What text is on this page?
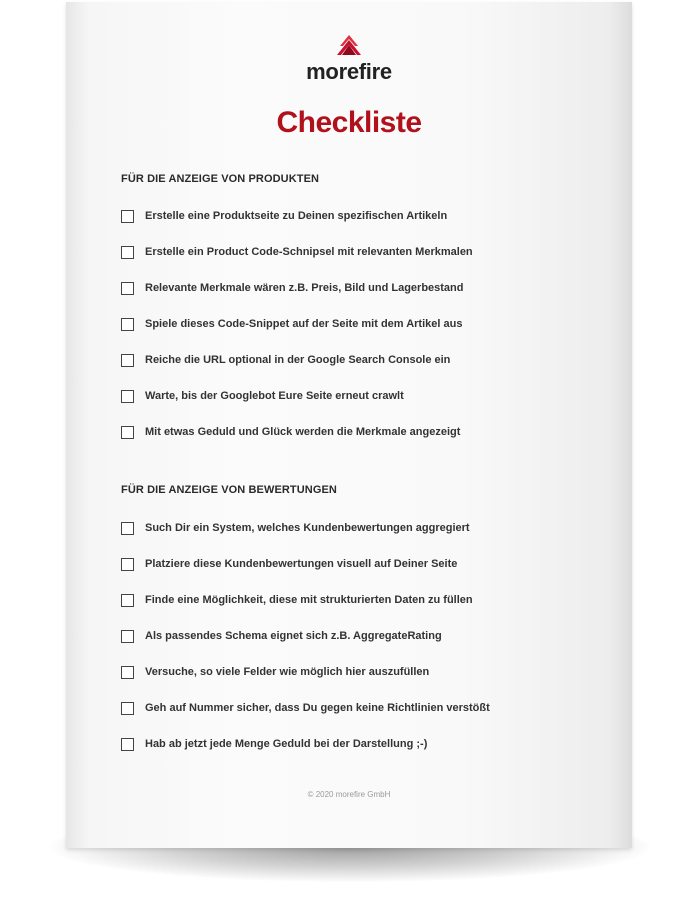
morefire
Checkliste
FÜR DIE ANZEIGE VON PRODUKTEN
Erstelle eine Produktseite zu Deinen spezifischen Artikeln
Erstelle ein Product Code-Schnipsel mit relevanten Merkmalen
Relevante Merkmale wären z.B. Preis, Bild und Lagerbestand
Spiele dieses Code-Snippet auf der Seite mit dem Artikel aus
Reiche die URL optional in der Google Search Console ein
Warte, bis der Googlebot Eure Seite erneut crawlt
Mit etwas Geduld und Glück werden die Merkmale angezeigt
FÜR DIE ANZEIGE VON BEWERTUNGEN
Such Dir ein System, welches Kundenbewertungen aggregiert
Platziere diese Kundenbewertungen visuell auf Deiner Seite
Finde eine Möglichkeit, diese mit strukturierten Daten zu füllen
Als passendes Schema eignet sich z.B. AggregateRating
Versuche, so viele Felder wie möglich hier auszufüllen
Geh auf Nummer sicher, dass Du gegen keine Richtlinien verstößt
Hab ab jetzt jede Menge Geduld bei der Darstellung ;-)
© 2020 morefire GmbH
